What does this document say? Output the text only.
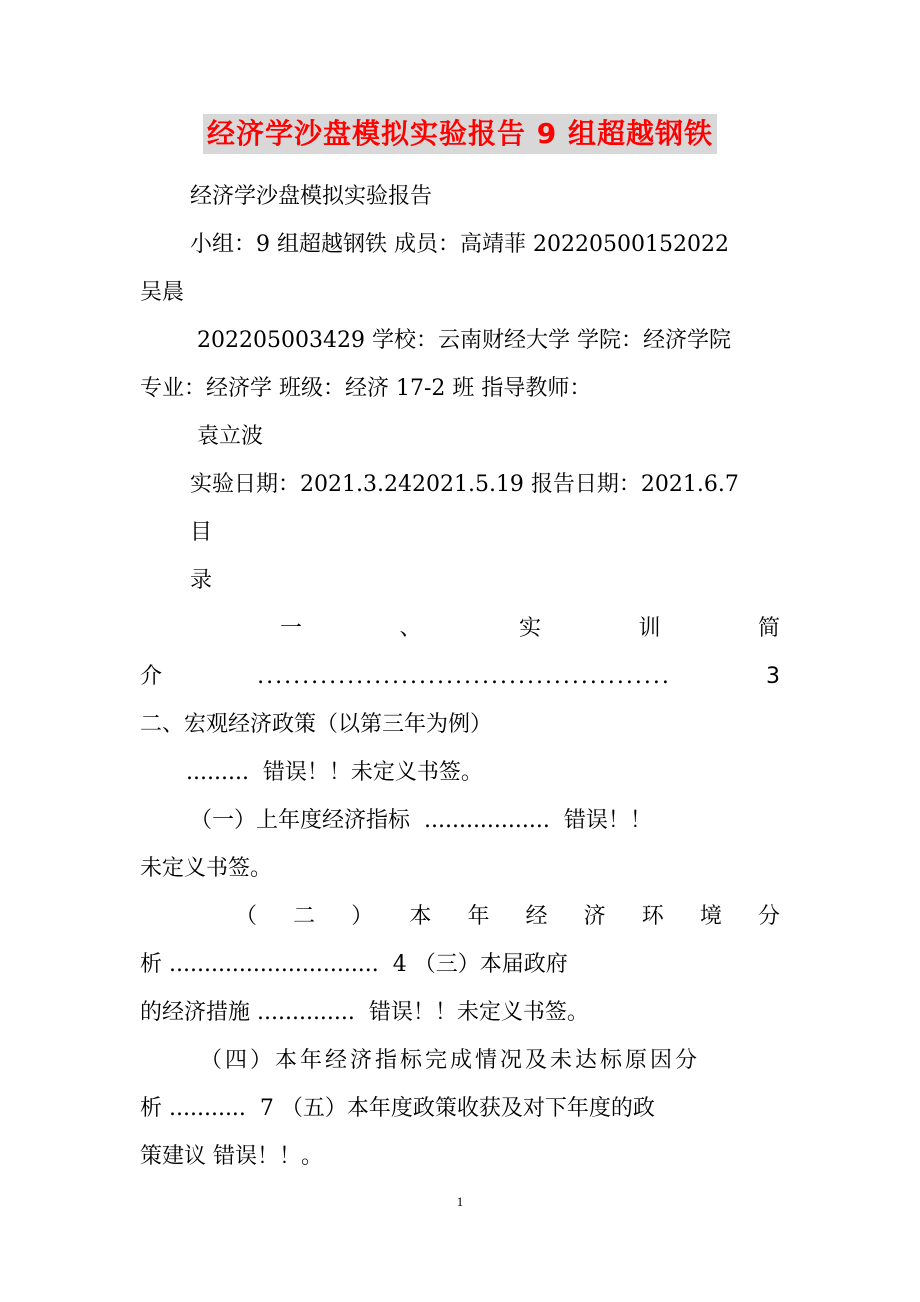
经济学沙盘模拟实验报告 9 组超越钢铁
经济学沙盘模拟实验报告
小组：9 组超越钢铁 成员：高靖菲 20220500152022
吴晨
202205003429 学校：云南财经大学 学院：经济学院
专业：经济学 班级：经济 17-2 班 指导教师：
袁立波
实验日期：2021.3.242021.5.19 报告日期：2021.6.7
目
录
一	、	实	训	简
介	..............................................	3
二、宏观经济政策（以第三年为例）
.........  错误！！未定义书签。
（一）上年度经济指标  ..................  错误！！
未定义书签。
（ 二 ） 本 年 经 济 环 境 分
析 ..............................  4 （三）本届政府
的经济措施 ..............  错误！！未定义书签。
（四）本年经济指标完成情况及未达标原因分
析 ...........  7 （五）本年度政策收获及对下年度的政
策建议 错误！！。
1
